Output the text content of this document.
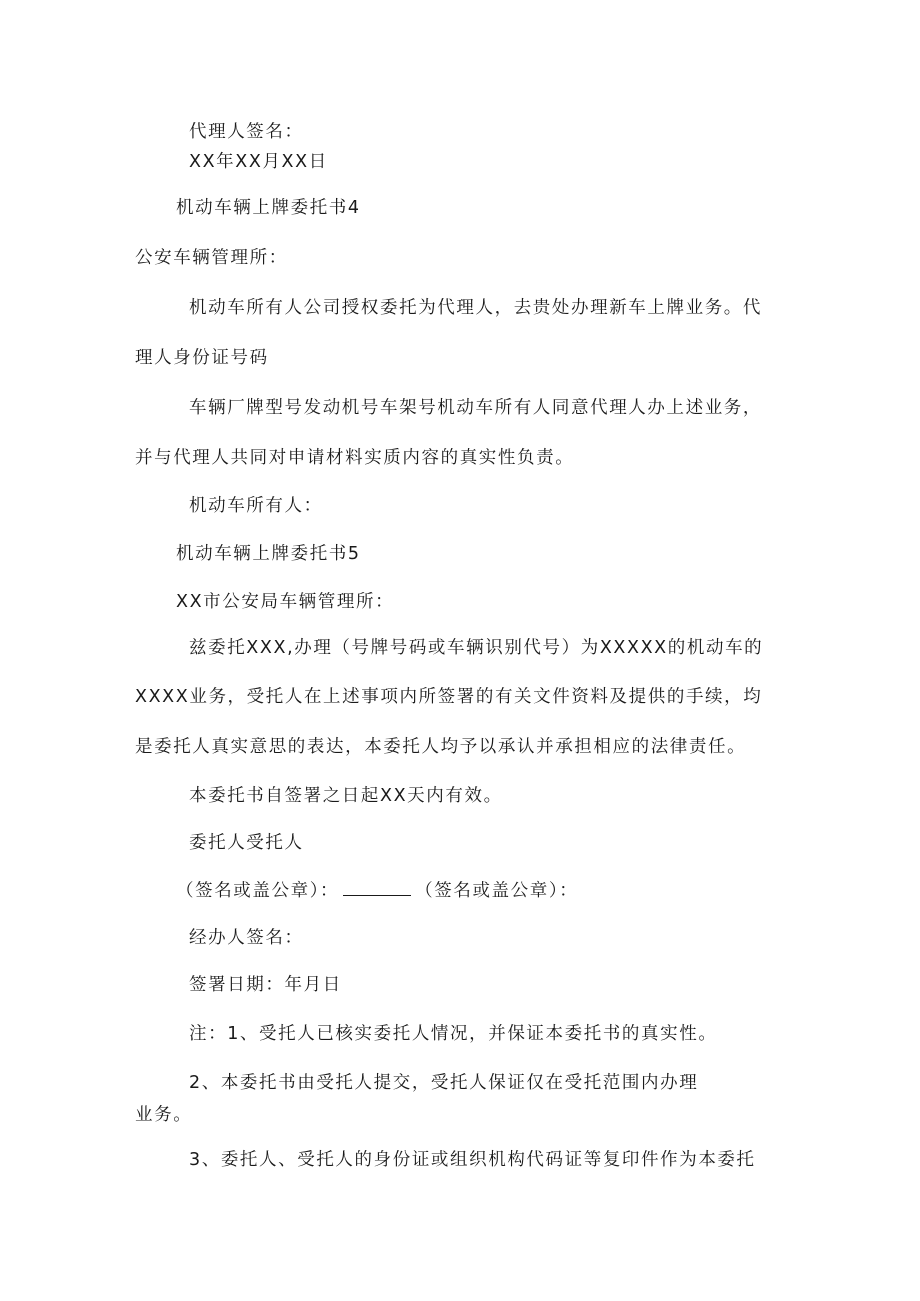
代理人签名：
XX年XX月XX日
机动车辆上牌委托书4
公安车辆管理所：
机动车所有人公司授权委托为代理人，去贵处办理新车上牌业务。代
理人身份证号码
车辆厂牌型号发动机号车架号机动车所有人同意代理人办上述业务，
并与代理人共同对申请材料实质内容的真实性负责。
机动车所有人：
机动车辆上牌委托书5
XX市公安局车辆管理所：
兹委托XXX,办理（号牌号码或车辆识别代号）为XXXXX的机动车的
XXXX业务，受托人在上述事项内所签署的有关文件资料及提供的手续，均
是委托人真实意思的表达，本委托人均予以承认并承担相应的法律责任。
本委托书自签署之日起XX天内有效。
委托人受托人
（签名或盖公章）：	（签名或盖公章）：
经办人签名：
签署日期：年月日
注：1、受托人已核实委托人情况，并保证本委托书的真实性。
2、本委托书由受托人提交，受托人保证仅在受托范围内办理
业务。
3、委托人、受托人的身份证或组织机构代码证等复印件作为本委托
